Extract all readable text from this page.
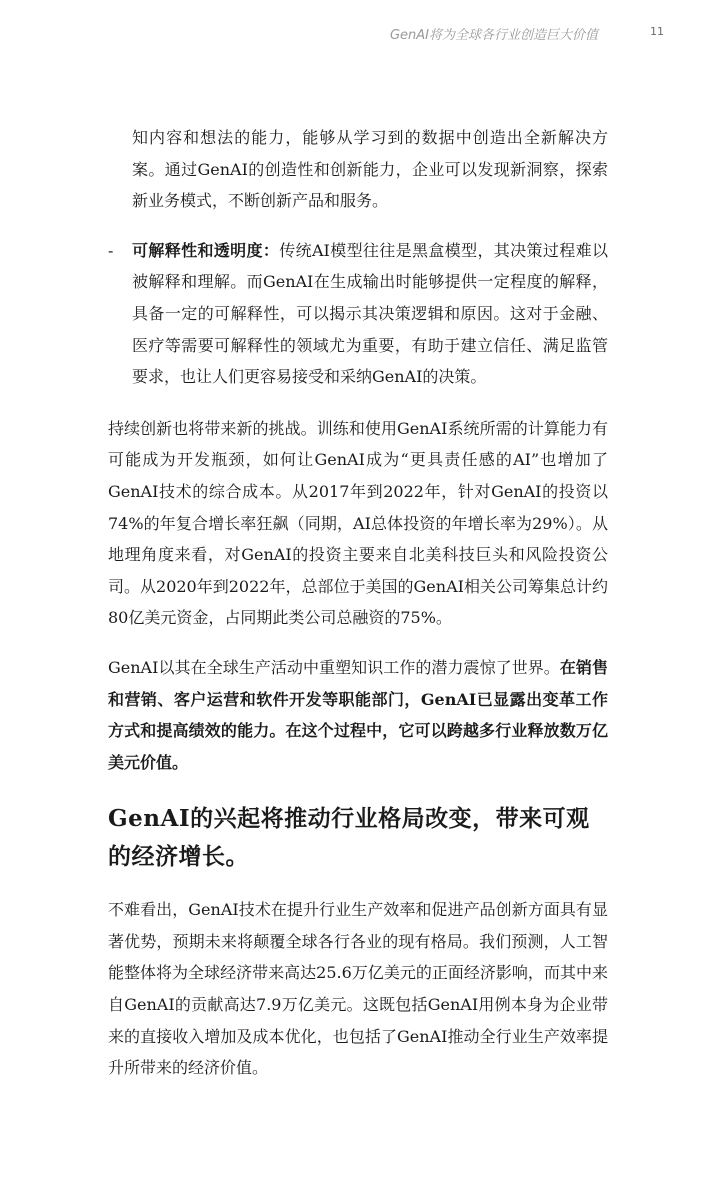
GenAI将为全球各行业创造巨大价值	11

知内容和想法的能力，能够从学习到的数据中创造出全新解决方案。通过GenAI的创造性和创新能力，企业可以发现新洞察，探索新业务模式，不断创新产品和服务。

- 可解释性和透明度：传统AI模型往往是黑盒模型，其决策过程难以被解释和理解。而GenAI在生成输出时能够提供一定程度的解释，具备一定的可解释性，可以揭示其决策逻辑和原因。这对于金融、医疗等需要可解释性的领域尤为重要，有助于建立信任、满足监管要求，也让人们更容易接受和采纳GenAI的决策。

持续创新也将带来新的挑战。训练和使用GenAI系统所需的计算能力有可能成为开发瓶颈，如何让GenAI成为“更具责任感的AI”也增加了GenAI技术的综合成本。从2017年到2022年，针对GenAI的投资以74%的年复合增长率狂飙（同期，AI总体投资的年增长率为29%）。从地理角度来看，对GenAI的投资主要来自北美科技巨头和风险投资公司。从2020年到2022年，总部位于美国的GenAI相关公司筹集总计约80亿美元资金，占同期此类公司总融资的75%。

GenAI以其在全球生产活动中重塑知识工作的潜力震惊了世界。在销售和营销、客户运营和软件开发等职能部门，GenAI已显露出变革工作方式和提高绩效的能力。在这个过程中，它可以跨越多行业释放数万亿美元价值。

GenAI的兴起将推动行业格局改变，带来可观的经济增长。

不难看出，GenAI技术在提升行业生产效率和促进产品创新方面具有显著优势，预期未来将颠覆全球各行各业的现有格局。我们预测，人工智能整体将为全球经济带来高达25.6万亿美元的正面经济影响，而其中来自GenAI的贡献高达7.9万亿美元。这既包括GenAI用例本身为企业带来的直接收入增加及成本优化，也包括了GenAI推动全行业生产效率提升所带来的经济价值。
